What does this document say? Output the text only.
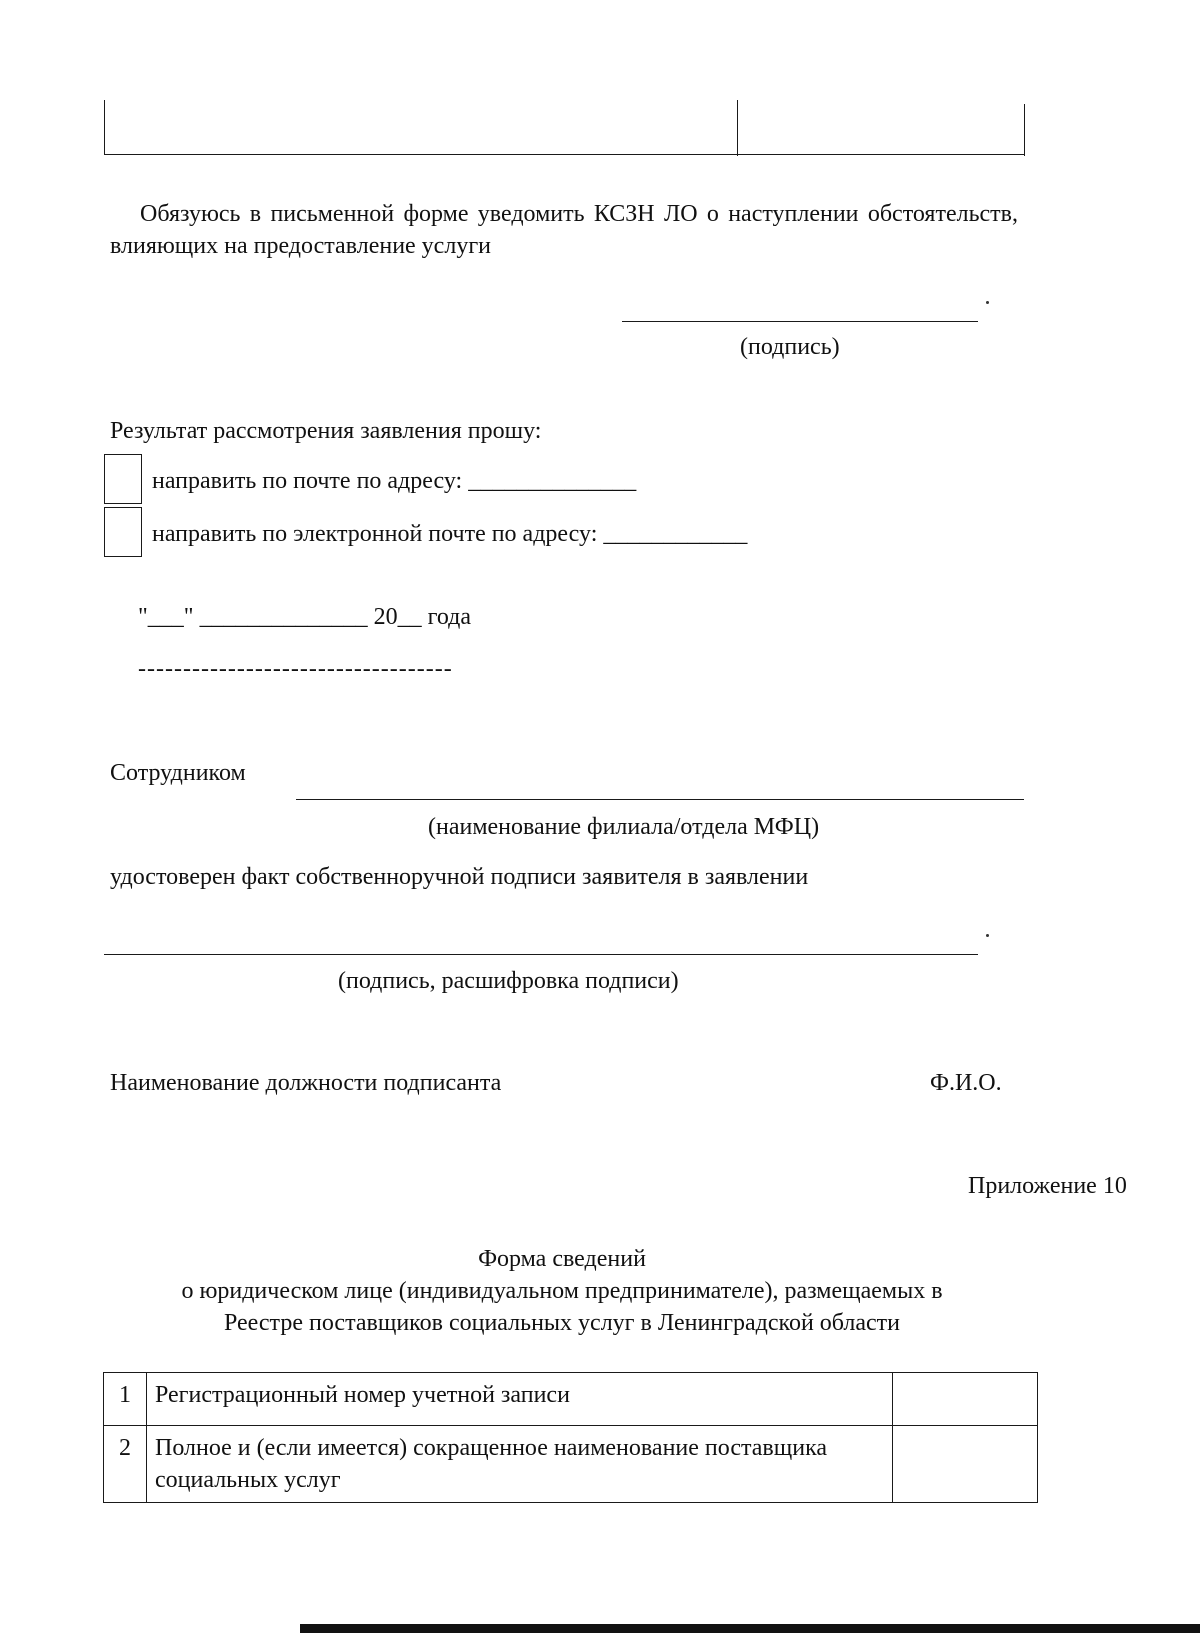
Обязуюсь в письменной форме уведомить КСЗН ЛО о наступлении обстоятельств, влияющих на предоставление услуги
(подпись)
Результат рассмотрения заявления прошу:
направить по почте по адресу: ______________
направить по электронной почте по адресу: ____________
"___" ______________ 20__ года
-----------------------------------
Сотрудником
(наименование филиала/отдела МФЦ)
удостоверен факт собственноручной подписи заявителя в заявлении
(подпись, расшифровка подписи)
Наименование должности подписанта	Ф.И.О.
Приложение 10
Форма сведений
о юридическом лице (индивидуальном предпринимателе), размещаемых в
Реестре поставщиков социальных услуг в Ленинградской области
1	Регистрационный номер учетной записи	
2	Полное и (если имеется) сокращенное наименование поставщика социальных услуг	
